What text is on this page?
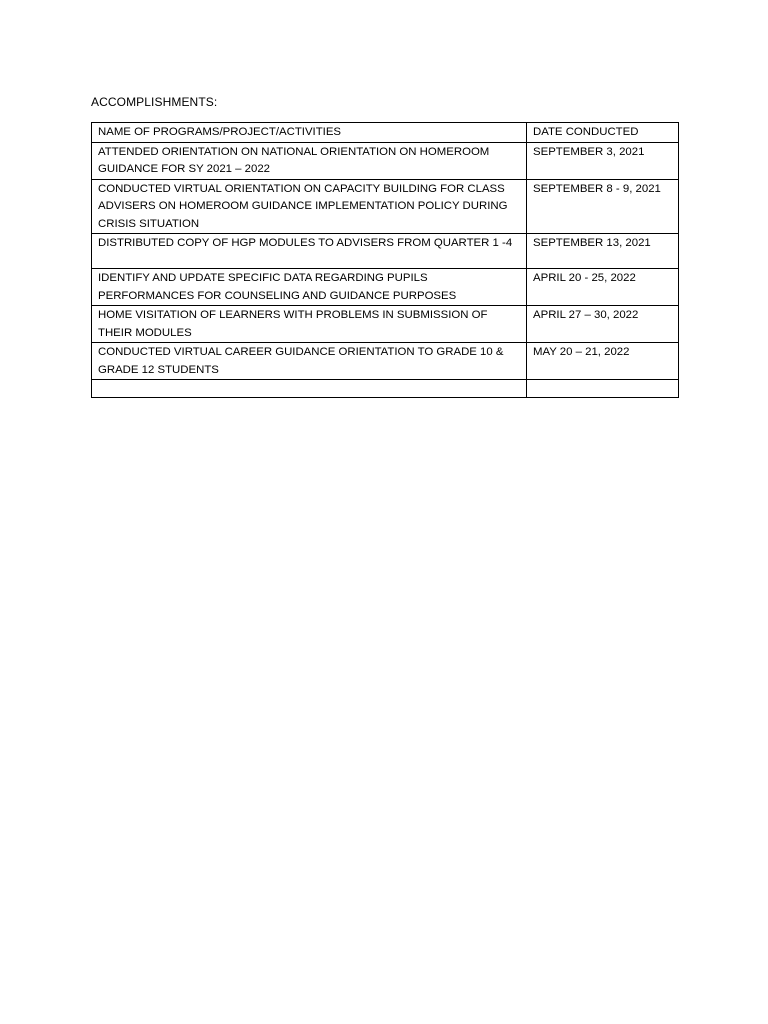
ACCOMPLISHMENTS:
NAME OF PROGRAMS/PROJECT/ACTIVITIES	DATE CONDUCTED
ATTENDED ORIENTATION ON NATIONAL ORIENTATION ON HOMEROOM GUIDANCE FOR SY 2021 – 2022	SEPTEMBER 3, 2021
CONDUCTED VIRTUAL ORIENTATION ON CAPACITY BUILDING FOR CLASS ADVISERS ON HOMEROOM GUIDANCE IMPLEMENTATION POLICY DURING CRISIS SITUATION	SEPTEMBER 8 - 9, 2021
DISTRIBUTED COPY OF HGP MODULES TO ADVISERS FROM QUARTER 1 -4	SEPTEMBER 13, 2021
IDENTIFY AND UPDATE SPECIFIC DATA REGARDING PUPILS PERFORMANCES FOR COUNSELING AND GUIDANCE PURPOSES	APRIL 20 - 25, 2022
HOME VISITATION OF LEARNERS WITH PROBLEMS IN SUBMISSION OF THEIR MODULES	APRIL 27 – 30, 2022
CONDUCTED VIRTUAL CAREER GUIDANCE ORIENTATION TO GRADE 10 & GRADE 12 STUDENTS	MAY 20 – 21, 2022
